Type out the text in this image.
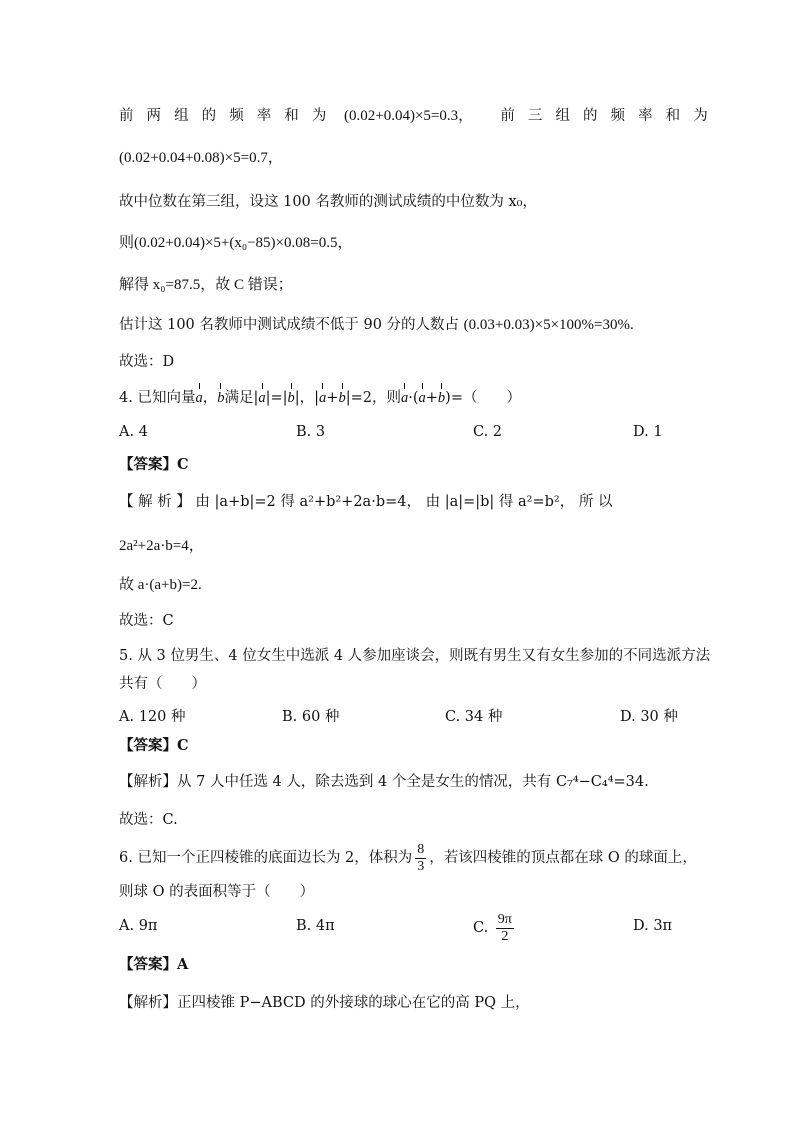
前两组的频率和为 (0.02+0.04)×5=0.3， 前三组的频率和为
(0.02+0.04+0.08)×5=0.7，
故中位数在第三组，设这 100 名教师的测试成绩的中位数为 x₀，
则(0.02+0.04)×5+(x₀−85)×0.08=0.5，
解得 x₀=87.5，故 C 错误；
估计这 100 名教师中测试成绩不低于 90 分的人数占 (0.03+0.03)×5×100%=30%.
故选：D
4. 已知向量a，b满足|a|=|b|，|a+b|=2，则a·(a+b)=（　　）
A. 4	B. 3	C. 2	D. 1
【答案】C
【 解 析 】 由 |a+b|=2 得 a²+b²+2a·b=4， 由 |a|=|b| 得 a²=b²， 所 以
2a²+2a·b=4，
故 a·(a+b)=2.
故选：C
5. 从 3 位男生、4 位女生中选派 4 人参加座谈会，则既有男生又有女生参加的不同选派方法
共有（　　）
A. 120 种	B. 60 种	C. 34 种	D. 30 种
【答案】C
【解析】从 7 人中任选 4 人，除去选到 4 个全是女生的情况，共有 C₇⁴−C₄⁴=34.
故选：C.
6. 已知一个正四棱锥的底面边长为 2，体积为 $\frac{8}{3}$ ，若该四棱锥的顶点都在球 O 的球面上，
则球 O 的表面积等于（　　）
A. 9π	B. 4π	C. $\frac{9\pi}{2}$	D. 3π
【答案】A
【解析】正四棱锥 P−ABCD 的外接球的球心在它的高 PQ 上，
